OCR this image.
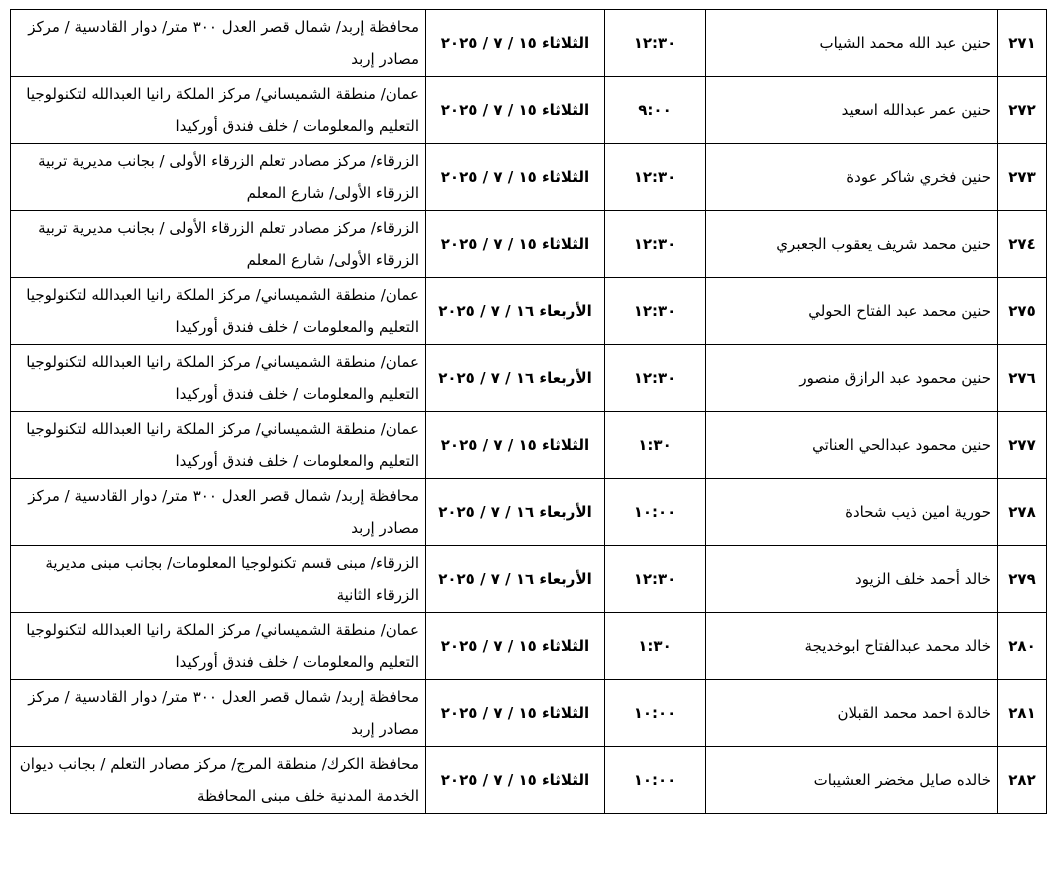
٢٧١	حنين عبد الله محمد الشياب	١٢:٣٠	الثلاثاء ١٥ / ٧ / ٢٠٢٥	محافظة إربد/ شمال قصر العدل ٣٠٠ متر/ دوار القادسية / مركز مصادر إربد
٢٧٢	حنين عمر عبدالله اسعيد	٩:٠٠	الثلاثاء ١٥ / ٧ / ٢٠٢٥	عمان/ منطقة الشميساني/ مركز الملكة رانيا العبدالله لتكنولوجيا التعليم والمعلومات / خلف فندق أوركيدا
٢٧٣	حنين فخري شاكر عودة	١٢:٣٠	الثلاثاء ١٥ / ٧ / ٢٠٢٥	الزرقاء/ مركز مصادر تعلم الزرقاء الأولى / بجانب مديرية تربية الزرقاء الأولى/ شارع المعلم
٢٧٤	حنين محمد شريف يعقوب الجعبري	١٢:٣٠	الثلاثاء ١٥ / ٧ / ٢٠٢٥	الزرقاء/ مركز مصادر تعلم الزرقاء الأولى / بجانب مديرية تربية الزرقاء الأولى/ شارع المعلم
٢٧٥	حنين محمد عبد الفتاح الحولي	١٢:٣٠	الأربعاء ١٦ / ٧ / ٢٠٢٥	عمان/ منطقة الشميساني/ مركز الملكة رانيا العبدالله لتكنولوجيا التعليم والمعلومات / خلف فندق أوركيدا
٢٧٦	حنين محمود عبد الرازق منصور	١٢:٣٠	الأربعاء ١٦ / ٧ / ٢٠٢٥	عمان/ منطقة الشميساني/ مركز الملكة رانيا العبدالله لتكنولوجيا التعليم والمعلومات / خلف فندق أوركيدا
٢٧٧	حنين محمود عبدالحي العناتي	١:٣٠	الثلاثاء ١٥ / ٧ / ٢٠٢٥	عمان/ منطقة الشميساني/ مركز الملكة رانيا العبدالله لتكنولوجيا التعليم والمعلومات / خلف فندق أوركيدا
٢٧٨	حورية امين ذيب شحادة	١٠:٠٠	الأربعاء ١٦ / ٧ / ٢٠٢٥	محافظة إربد/ شمال قصر العدل ٣٠٠ متر/ دوار القادسية / مركز مصادر إربد
٢٧٩	خالد أحمد خلف الزيود	١٢:٣٠	الأربعاء ١٦ / ٧ / ٢٠٢٥	الزرقاء/ مبنى قسم تكنولوجيا المعلومات/ بجانب مبنى مديرية الزرقاء الثانية
٢٨٠	خالد محمد عبدالفتاح ابوخديجة	١:٣٠	الثلاثاء ١٥ / ٧ / ٢٠٢٥	عمان/ منطقة الشميساني/ مركز الملكة رانيا العبدالله لتكنولوجيا التعليم والمعلومات / خلف فندق أوركيدا
٢٨١	خالدة احمد محمد القبلان	١٠:٠٠	الثلاثاء ١٥ / ٧ / ٢٠٢٥	محافظة إربد/ شمال قصر العدل ٣٠٠ متر/ دوار القادسية / مركز مصادر إربد
٢٨٢	خالده صايل مخضر العشيبات	١٠:٠٠	الثلاثاء ١٥ / ٧ / ٢٠٢٥	محافظة الكرك/ منطقة المرج/ مركز مصادر التعلم / بجانب ديوان الخدمة المدنية خلف مبنى المحافظة
